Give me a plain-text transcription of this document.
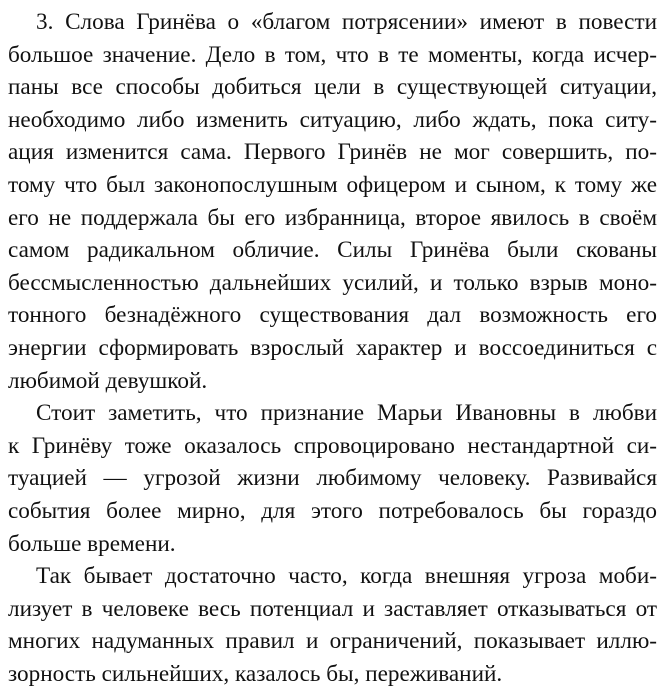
3. Слова Гринёва о «благом потрясении» имеют в повести
большое значение. Дело в том, что в те моменты, когда исчер-
паны все способы добиться цели в существующей ситуации,
необходимо либо изменить ситуацию, либо ждать, пока ситу-
ация изменится сама. Первого Гринёв не мог совершить, по-
тому что был законопослушным офицером и сыном, к тому же
его не поддержала бы его избранница, второе явилось в своём
самом радикальном обличие. Силы Гринёва были скованы
бессмысленностью дальнейших усилий, и только взрыв моно-
тонного безнадёжного существования дал возможность его
энергии сформировать взрослый характер и воссоединиться с
любимой девушкой.
Стоит заметить, что признание Марьи Ивановны в любви
к Гринёву тоже оказалось спровоцировано нестандартной си-
туацией — угрозой жизни любимому человеку. Развивайся
события более мирно, для этого потребовалось бы гораздо
больше времени.
Так бывает достаточно часто, когда внешняя угроза моби-
лизует в человеке весь потенциал и заставляет отказываться от
многих надуманных правил и ограничений, показывает иллю-
зорность сильнейших, казалось бы, переживаний.
